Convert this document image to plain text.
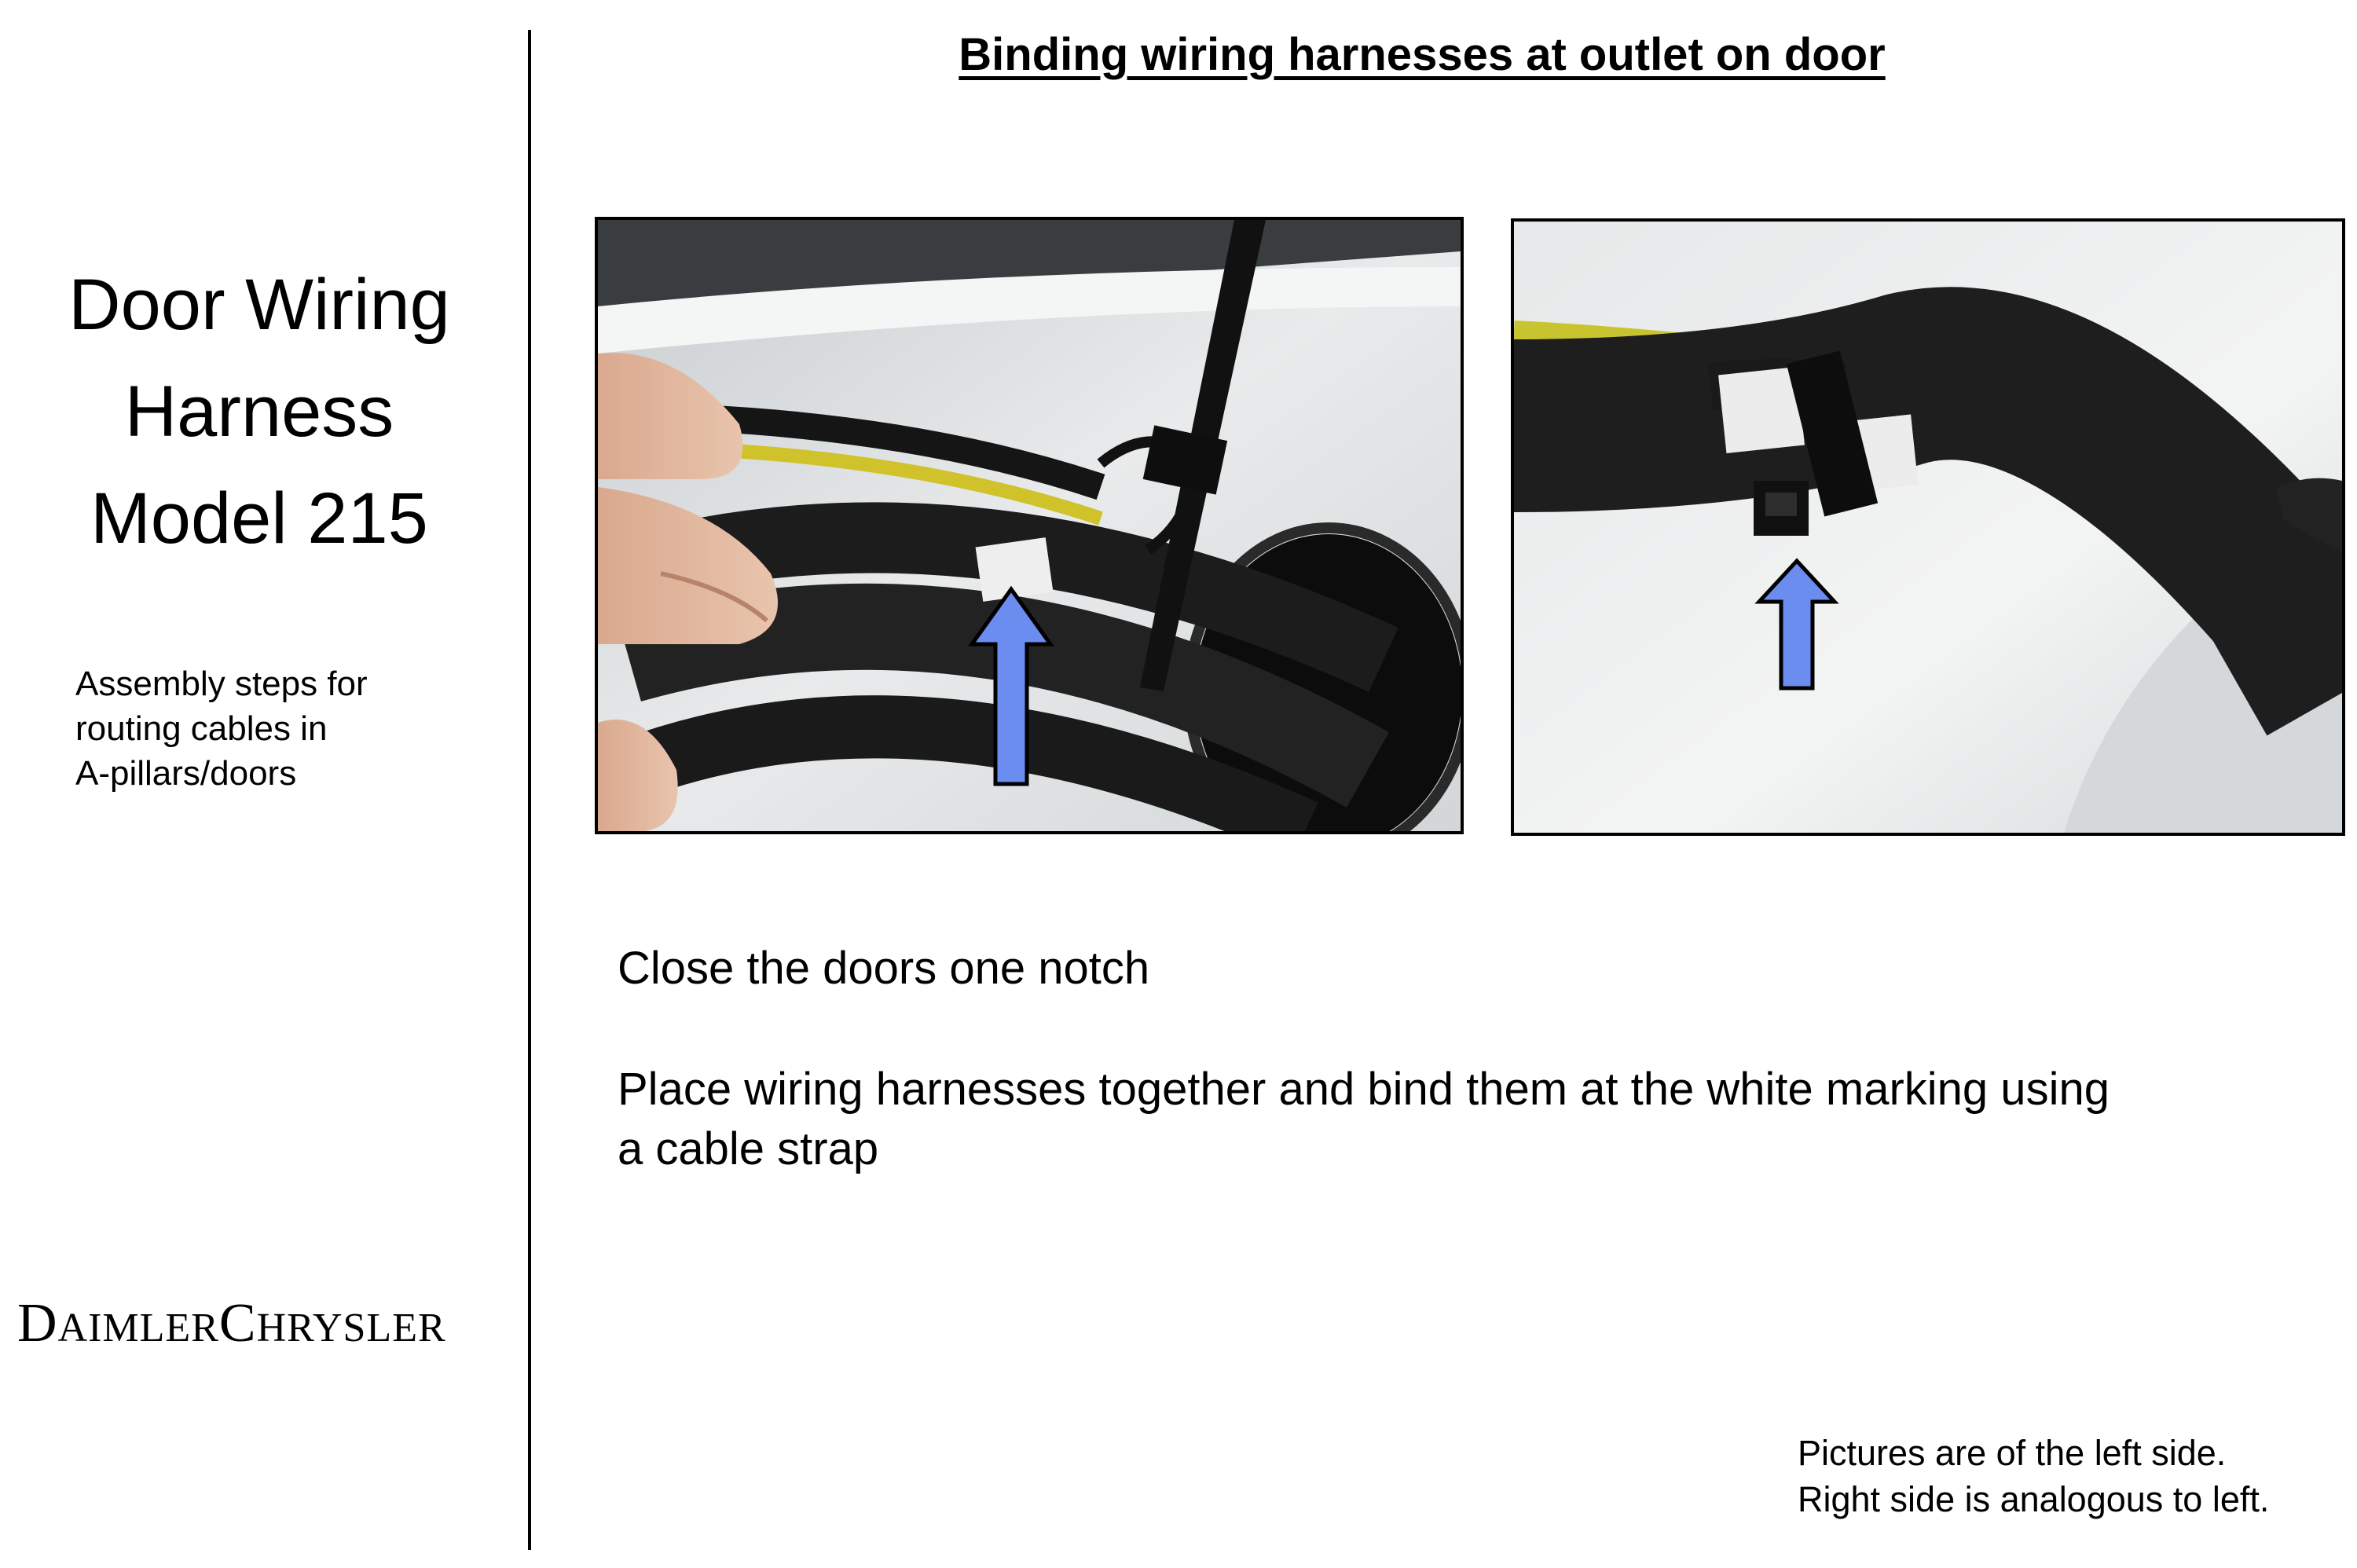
Door Wiring
Harness
Model 215
Assembly steps for
routing cables in
A-pillars/doors
DAIMLERCHRYSLER
Binding wiring harnesses at outlet on door

Close the doors one notch

Place wiring harnesses together and bind them at the white marking using a cable strap

Pictures are of the left side.
Right side is analogous to left.
